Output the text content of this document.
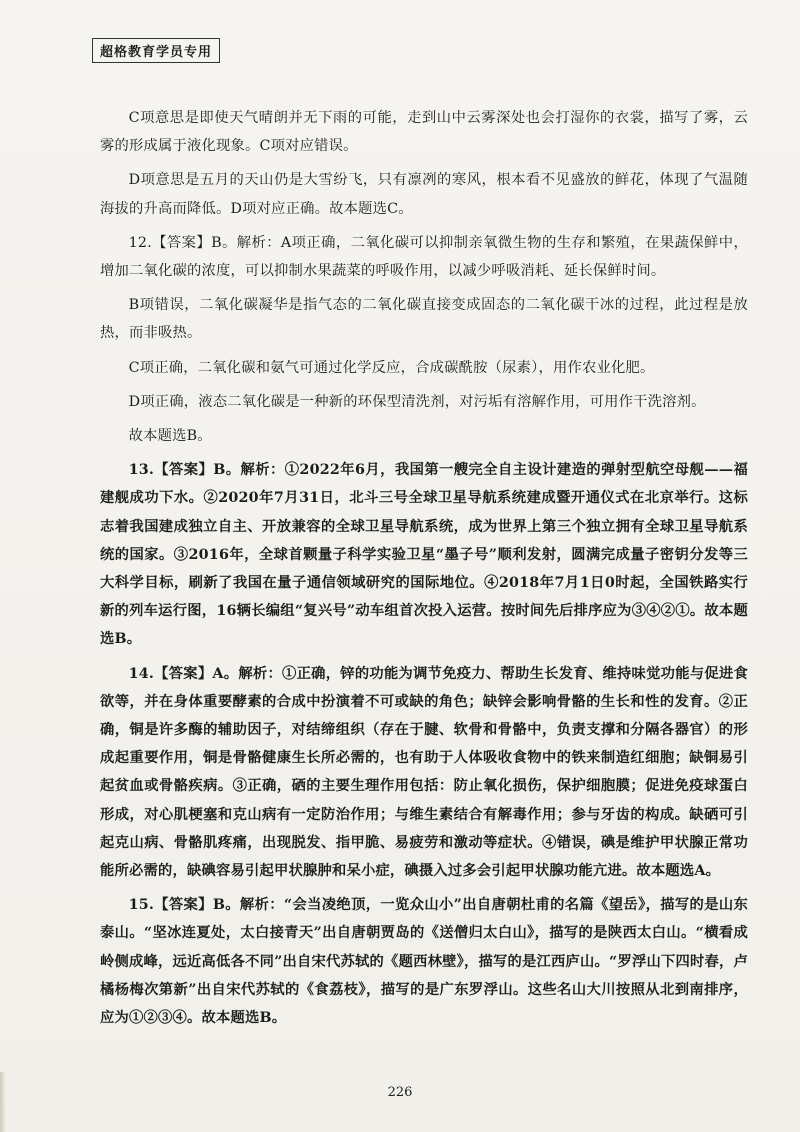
超格教育学员专用

C项意思是即使天气晴朗并无下雨的可能，走到山中云雾深处也会打湿你的衣裳，描写了雾，云雾的形成属于液化现象。C项对应错误。

D项意思是五月的天山仍是大雪纷飞，只有凛冽的寒风，根本看不见盛放的鲜花，体现了气温随海拔的升高而降低。D项对应正确。故本题选C。

12.【答案】B。解析：A项正确，二氧化碳可以抑制亲氧微生物的生存和繁殖，在果蔬保鲜中，增加二氧化碳的浓度，可以抑制水果蔬菜的呼吸作用，以减少呼吸消耗、延长保鲜时间。

B项错误，二氧化碳凝华是指气态的二氧化碳直接变成固态的二氧化碳干冰的过程，此过程是放热，而非吸热。

C项正确，二氧化碳和氨气可通过化学反应，合成碳酰胺（尿素），用作农业化肥。

D项正确，液态二氧化碳是一种新的环保型清洗剂，对污垢有溶解作用，可用作干洗溶剂。

故本题选B。

13.【答案】B。解析：①2022年6月，我国第一艘完全自主设计建造的弹射型航空母舰——福建舰成功下水。②2020年7月31日，北斗三号全球卫星导航系统建成暨开通仪式在北京举行。这标志着我国建成独立自主、开放兼容的全球卫星导航系统，成为世界上第三个独立拥有全球卫星导航系统的国家。③2016年，全球首颗量子科学实验卫星“墨子号”顺利发射，圆满完成量子密钥分发等三大科学目标，刷新了我国在量子通信领域研究的国际地位。④2018年7月1日0时起，全国铁路实行新的列车运行图，16辆长编组“复兴号”动车组首次投入运营。按时间先后排序应为③④②①。故本题选B。

14.【答案】A。解析：①正确，锌的功能为调节免疫力、帮助生长发育、维持味觉功能与促进食欲等，并在身体重要酵素的合成中扮演着不可或缺的角色；缺锌会影响骨骼的生长和性的发育。②正确，铜是许多酶的辅助因子，对结缔组织（存在于腱、软骨和骨骼中，负责支撑和分隔各器官）的形成起重要作用，铜是骨骼健康生长所必需的，也有助于人体吸收食物中的铁来制造红细胞；缺铜易引起贫血或骨骼疾病。③正确，硒的主要生理作用包括：防止氧化损伤，保护细胞膜；促进免疫球蛋白形成，对心肌梗塞和克山病有一定防治作用；与维生素结合有解毒作用；参与牙齿的构成。缺硒可引起克山病、骨骼肌疼痛，出现脱发、指甲脆、易疲劳和激动等症状。④错误，碘是维护甲状腺正常功能所必需的，缺碘容易引起甲状腺肿和呆小症，碘摄入过多会引起甲状腺功能亢进。故本题选A。

15.【答案】B。解析：“会当凌绝顶，一览众山小”出自唐朝杜甫的名篇《望岳》，描写的是山东泰山。“坚冰连夏处，太白接青天”出自唐朝贾岛的《送僧归太白山》，描写的是陕西太白山。“横看成岭侧成峰，远近高低各不同”出自宋代苏轼的《题西林壁》，描写的是江西庐山。“罗浮山下四时春，卢橘杨梅次第新”出自宋代苏轼的《食荔枝》，描写的是广东罗浮山。这些名山大川按照从北到南排序，应为①②③④。故本题选B。

226
